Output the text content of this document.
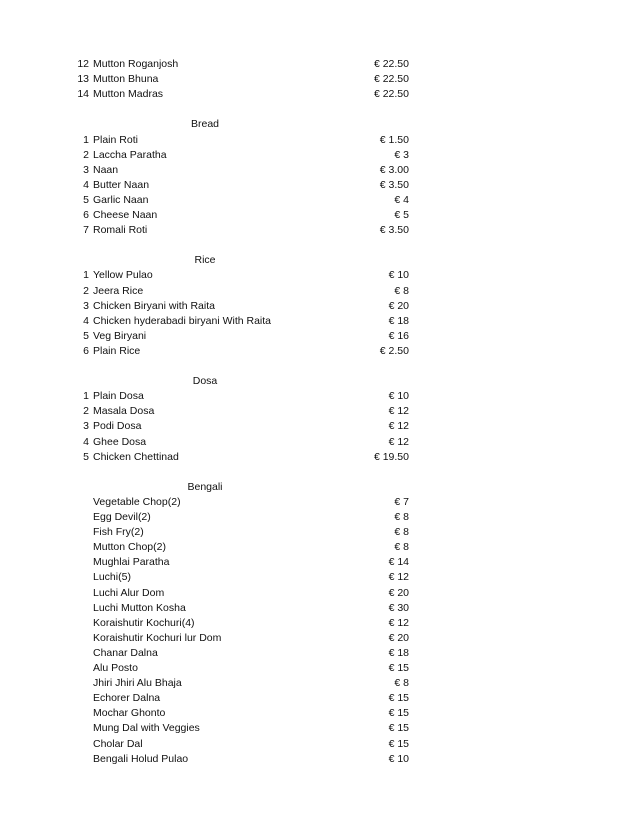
12 Mutton Roganjosh	€ 22.50
13 Mutton Bhuna	€ 22.50
14 Mutton Madras	€ 22.50
Bread
1 Plain Roti	€ 1.50
2 Laccha Paratha	€ 3
3 Naan	€ 3.00
4 Butter Naan	€ 3.50
5 Garlic Naan	€ 4
6 Cheese Naan	€ 5
7 Romali Roti	€ 3.50
Rice
1 Yellow Pulao	€ 10
2 Jeera Rice	€ 8
3 Chicken Biryani with Raita	€ 20
4 Chicken hyderabadi biryani With Raita	€ 18
5 Veg Biryani	€ 16
6 Plain Rice	€ 2.50
Dosa
1 Plain Dosa	€ 10
2 Masala Dosa	€ 12
3 Podi Dosa	€ 12
4 Ghee Dosa	€ 12
5 Chicken Chettinad	€ 19.50
Bengali
Vegetable Chop(2)	€ 7
Egg Devil(2)	€ 8
Fish Fry(2)	€ 8
Mutton Chop(2)	€ 8
Mughlai Paratha	€ 14
Luchi(5)	€ 12
Luchi Alur Dom	€ 20
Luchi Mutton Kosha	€ 30
Koraishutir Kochuri(4)	€ 12
Koraishutir Kochuri lur Dom	€ 20
Chanar Dalna	€ 18
Alu Posto	€ 15
Jhiri Jhiri Alu Bhaja	€ 8
Echorer Dalna	€ 15
Mochar Ghonto	€ 15
Mung Dal with Veggies	€ 15
Cholar Dal	€ 15
Bengali Holud Pulao	€ 10
